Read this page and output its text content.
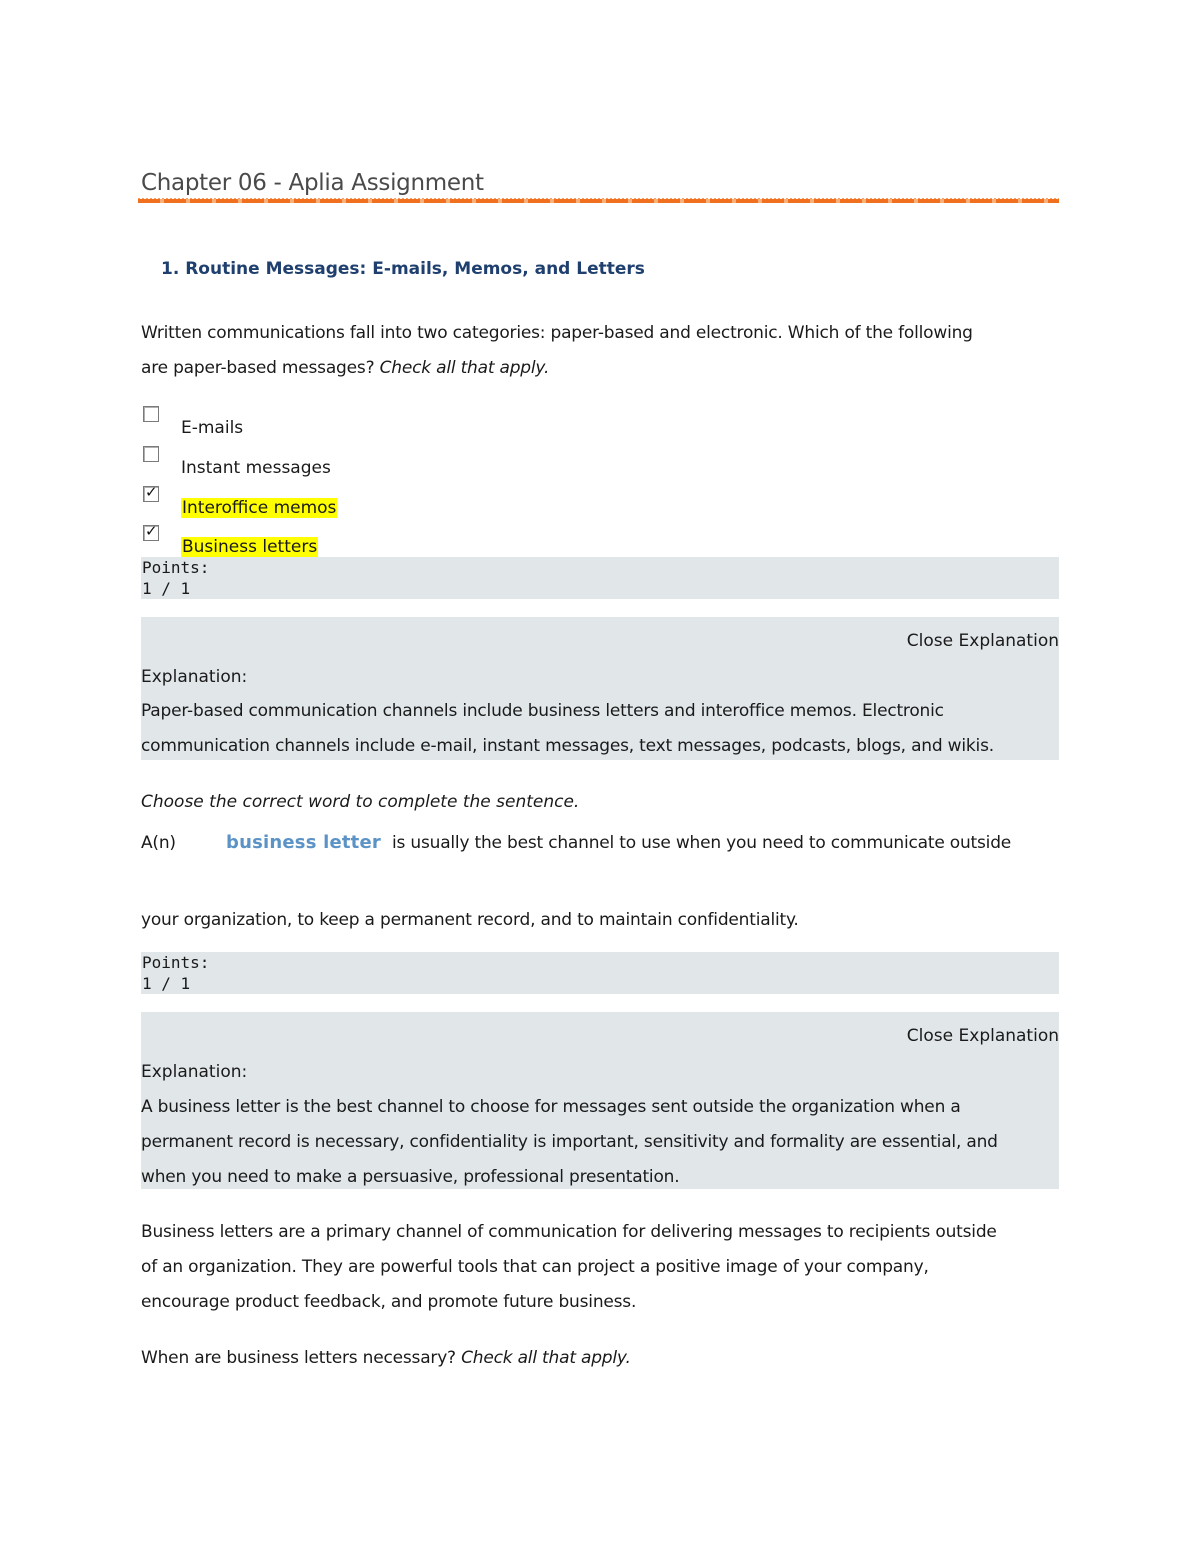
Chapter 06 - Aplia Assignment
1. Routine Messages: E-mails, Memos, and Letters
Written communications fall into two categories: paper-based and electronic. Which of the following
are paper-based messages? Check all that apply.
E-mails
Instant messages
✓
Interoffice memos
✓
Business letters
Points:
1 / 1
Close Explanation
Explanation:
Paper-based communication channels include business letters and interoffice memos. Electronic
communication channels include e-mail, instant messages, text messages, podcasts, blogs, and wikis.
Choose the correct word to complete the sentence.
A(n)	business letter is usually the best channel to use when you need to communicate outside
your organization, to keep a permanent record, and to maintain confidentiality.
Points:
1 / 1
Close Explanation
Explanation:
A business letter is the best channel to choose for messages sent outside the organization when a
permanent record is necessary, confidentiality is important, sensitivity and formality are essential, and
when you need to make a persuasive, professional presentation.
Business letters are a primary channel of communication for delivering messages to recipients outside
of an organization. They are powerful tools that can project a positive image of your company,
encourage product feedback, and promote future business.
When are business letters necessary? Check all that apply.
